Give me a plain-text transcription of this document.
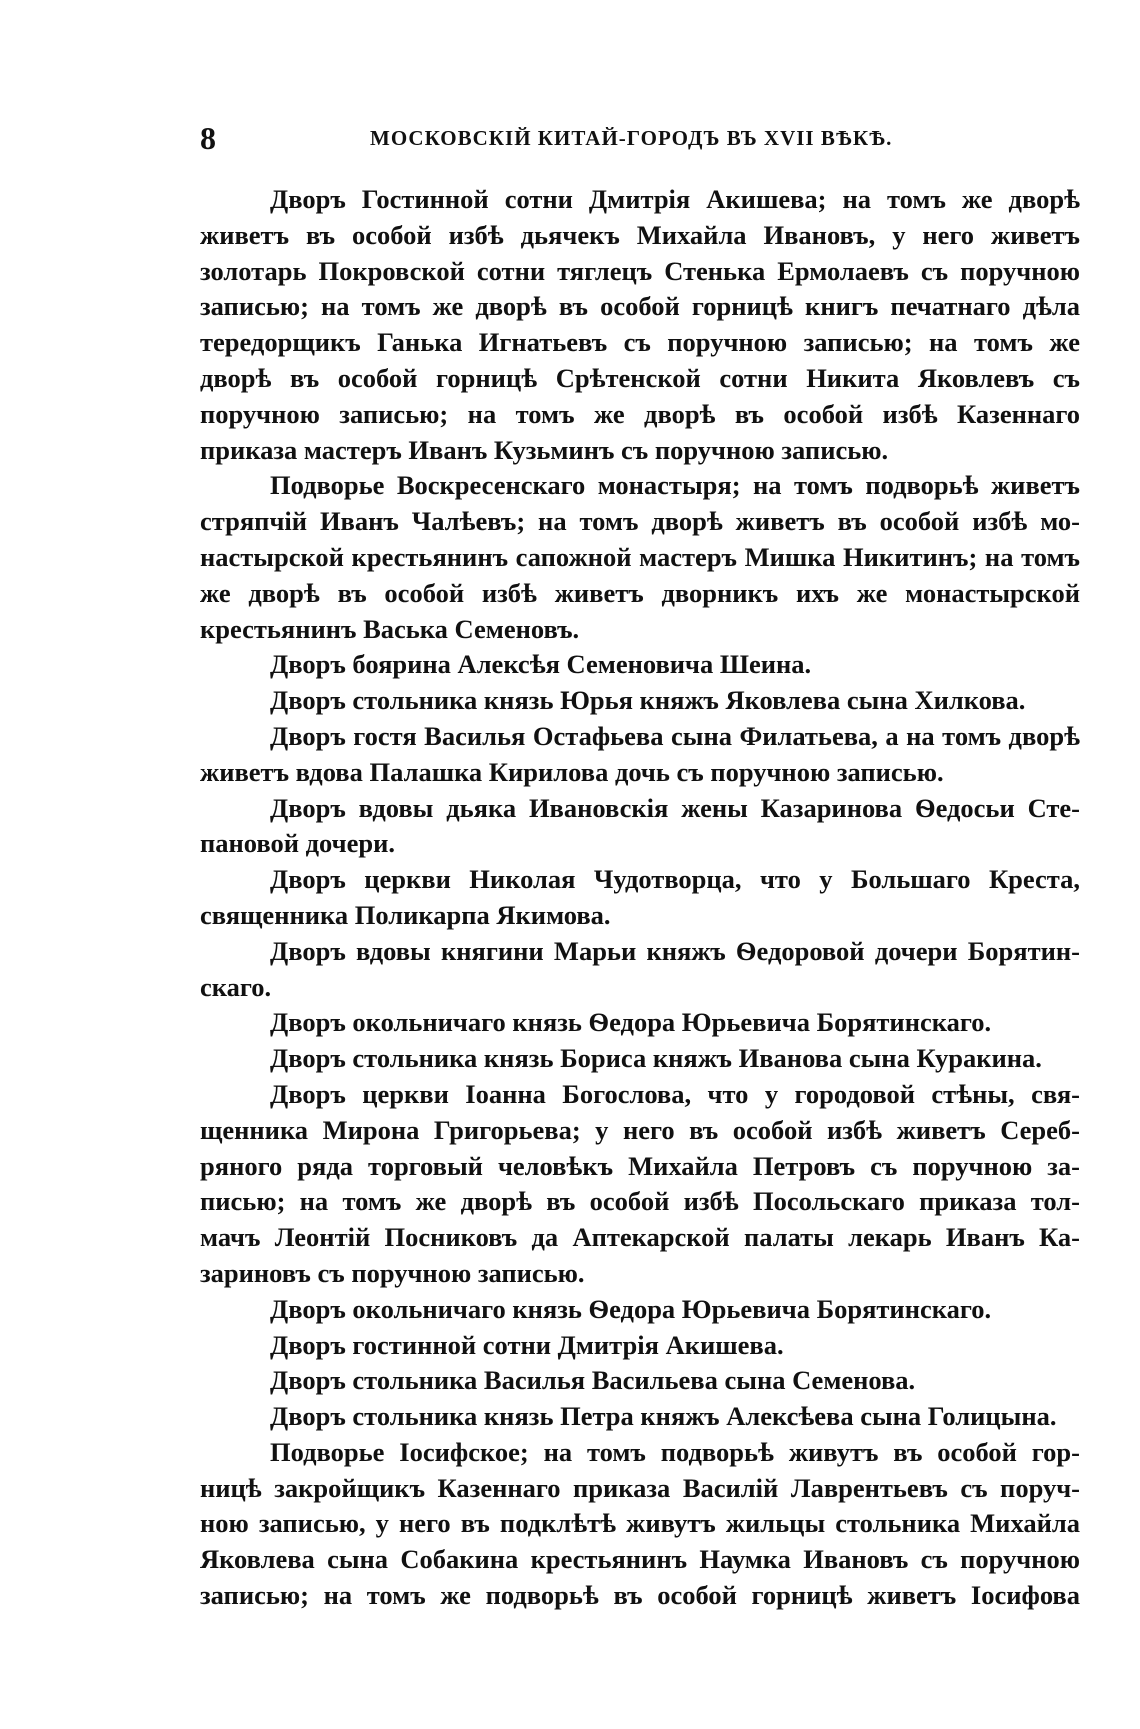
8	МОСКОВСКІЙ КИТАЙ-ГОРОДЪ ВЪ XVII ВѢКѢ.
Дворъ Гостинной сотни Дмитрія Акишева; на томъ же дворѣ
живетъ въ особой избѣ дьячекъ Михайла Ивановъ, у него живетъ
золотарь Покровской сотни тяглецъ Стенька Ермолаевъ съ поручною
записью; на томъ же дворѣ въ особой горницѣ книгъ печатнаго дѣла
тередорщикъ Ганька Игнатьевъ съ поручною записью; на томъ же
дворѣ въ особой горницѣ Срѣтенской сотни Никита Яковлевъ съ
поручною записью; на томъ же дворѣ въ особой избѣ Казеннаго
приказа мастеръ Иванъ Кузьминъ съ поручною записью.
Подворье Воскресенскаго монастыря; на томъ подворьѣ живетъ
стряпчій Иванъ Чалѣевъ; на томъ дворѣ живетъ въ особой избѣ мо-
настырской крестьянинъ сапожной мастеръ Мишка Никитинъ; на томъ
же дворѣ въ особой избѣ живетъ дворникъ ихъ же монастырской
крестьянинъ Васька Семеновъ.
Дворъ боярина Алексѣя Семеновича Шеина.
Дворъ стольника князь Юрья княжъ Яковлева сына Хилкова.
Дворъ гостя Василья Остафьева сына Филатьева, а на томъ дворѣ
живетъ вдова Палашка Кирилова дочь съ поручною записью.
Дворъ вдовы дьяка Ивановскія жены Казаринова Ѳедосьи Сте-
пановой дочери.
Дворъ церкви Николая Чудотворца, что у Большаго Креста,
священника Поликарпа Якимова.
Дворъ вдовы княгини Марьи княжъ Ѳедоровой дочери Борятин-
скаго.
Дворъ окольничаго князь Ѳедора Юрьевича Борятинскаго.
Дворъ стольника князь Бориса княжъ Иванова сына Куракина.
Дворъ церкви Іоанна Богослова, что у городовой стѣны, свя-
щенника Мирона Григорьева; у него въ особой избѣ живетъ Сереб-
ряного ряда торговый человѣкъ Михайла Петровъ съ поручною за-
писью; на томъ же дворѣ въ особой избѣ Посольскаго приказа тол-
мачъ Леонтій Посниковъ да Аптекарской палаты лекарь Иванъ Ка-
зариновъ съ поручною записью.
Дворъ окольничаго князь Ѳедора Юрьевича Борятинскаго.
Дворъ гостинной сотни Дмитрія Акишева.
Дворъ стольника Василья Васильева сына Семенова.
Дворъ стольника князь Петра княжъ Алексѣева сына Голицына.
Подворье Іосифское; на томъ подворьѣ живутъ въ особой гор-
ницѣ закройщикъ Казеннаго приказа Василій Лаврентьевъ съ поруч-
ною записью, у него въ подклѣтѣ живутъ жильцы стольника Михайла
Яковлева сына Собакина крестьянинъ Наумка Ивановъ съ поручною
записью; на томъ же подворьѣ въ особой горницѣ живетъ Іосифова
